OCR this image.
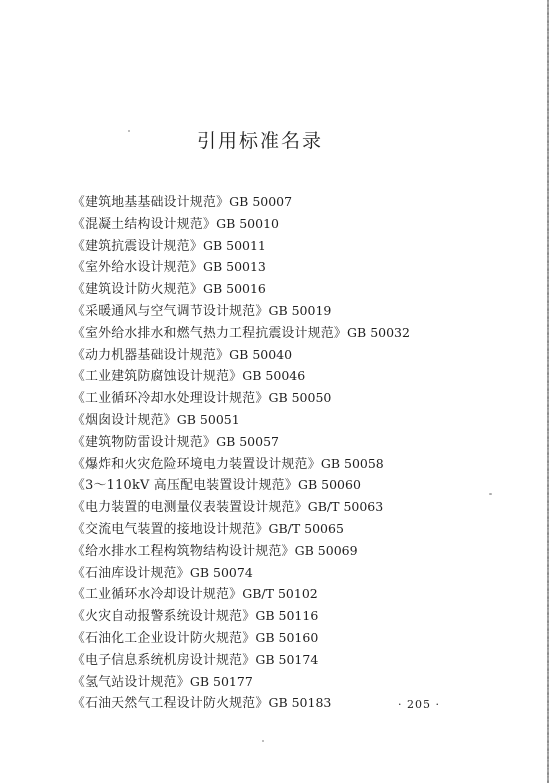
引用标准名录
《建筑地基基础设计规范》GB 50007
《混凝土结构设计规范》GB 50010
《建筑抗震设计规范》GB 50011
《室外给水设计规范》GB 50013
《建筑设计防火规范》GB 50016
《采暖通风与空气调节设计规范》GB 50019
《室外给水排水和燃气热力工程抗震设计规范》GB 50032
《动力机器基础设计规范》GB 50040
《工业建筑防腐蚀设计规范》GB 50046
《工业循环冷却水处理设计规范》GB 50050
《烟囱设计规范》GB 50051
《建筑物防雷设计规范》GB 50057
《爆炸和火灾危险环境电力装置设计规范》GB 50058
《3～110kV 高压配电装置设计规范》GB 50060
《电力装置的电测量仪表装置设计规范》GB/T 50063
《交流电气装置的接地设计规范》GB/T 50065
《给水排水工程构筑物结构设计规范》GB 50069
《石油库设计规范》GB 50074
《工业循环水冷却设计规范》GB/T 50102
《火灾自动报警系统设计规范》GB 50116
《石油化工企业设计防火规范》GB 50160
《电子信息系统机房设计规范》GB 50174
《氢气站设计规范》GB 50177
《石油天然气工程设计防火规范》GB 50183	· 205 ·
